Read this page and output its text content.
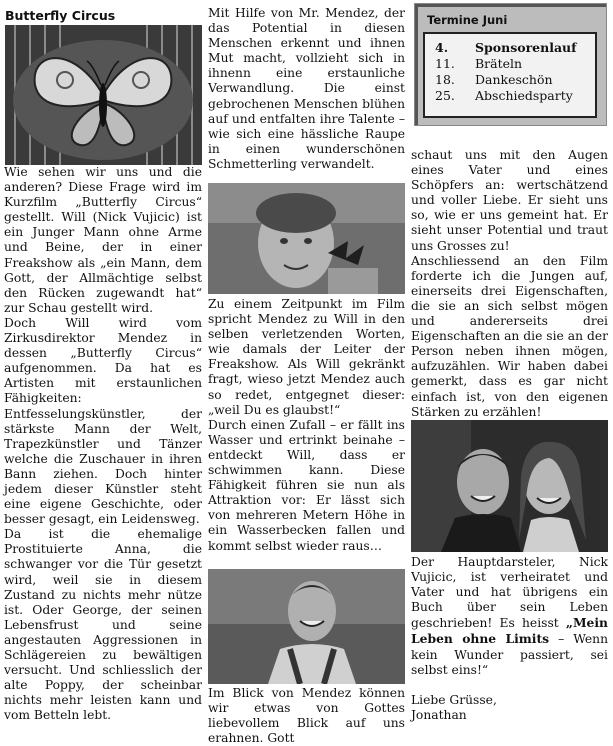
Butterfly Circus

Wie sehen wir uns und die anderen? Diese Frage wird im Kurzfilm „Butterfly Circus“ gestellt. Will (Nick Vujicic) ist ein Junger Mann ohne Arme und Beine, der in einer Freakshow als „ein Mann, dem Gott, der Allmächtige selbst den Rücken zugewandt hat“ zur Schau gestellt wird.

Doch Will wird vom Zirkusdirektor Mendez in dessen „Butterfly Circus“ aufgenommen. Da hat es Artisten mit erstaunlichen Fähigkeiten: Entfesselungskünstler, der stärkste Mann der Welt, Trapezkünstler und Tänzer welche die Zuschauer in ihren Bann ziehen. Doch hinter jedem dieser Künstler steht eine eigene Geschichte, oder besser gesagt, ein Leidensweg.

Da ist die ehemalige Prostituierte Anna, die schwanger vor die Tür gesetzt wird, weil sie in diesem Zustand zu nichts mehr nütze ist. Oder George, der seinen Lebensfrust und seine angestauten Aggressionen in Schlägereien zu bewältigen versucht. Und schliesslich der alte Poppy, der scheinbar nichts mehr leisten kann und vom Betteln lebt.

Mit Hilfe von Mr. Mendez, der das Potential in diesen Menschen erkennt und ihnen Mut macht, vollzieht sich in ihnenn eine erstaunliche Verwandlung. Die einst gebrochenen Menschen blühen auf und entfalten ihre Talente – wie sich eine hässliche Raupe in einen wunderschönen Schmetterling verwandelt.

Zu einem Zeitpunkt im Film spricht Mendez zu Will in den selben verletzenden Worten, wie damals der Leiter der Freakshow. Als Will gekränkt fragt, wieso jetzt Mendez auch so redet, entgegnet dieser: „weil Du es glaubst!“

Durch einen Zufall – er fällt ins Wasser und ertrinkt beinahe – entdeckt Will, dass er schwimmen kann. Diese Fähigkeit führen sie nun als Attraktion vor: Er lässt sich von mehreren Metern Höhe in ein Wasserbecken fallen und kommt selbst wieder raus…

Im Blick von Mendez können wir etwas von Gottes liebevollem Blick auf uns erahnen. Gott

Termine Juni
4.	Sponsorenlauf
11.	Bräteln
18.	Dankeschön
25.	Abschiedsparty

schaut uns mit den Augen eines Vater und eines Schöpfers an: wertschätzend und voller Liebe. Er sieht uns so, wie er uns gemeint hat. Er sieht unser Potential und traut uns Grosses zu!

Anschliessend an den Film forderte ich die Jungen auf, einerseits drei Eigenschaften, die sie an sich selbst mögen und andererseits drei Eigenschaften an die sie an der Person neben ihnen mögen, aufzuzählen. Wir haben dabei gemerkt, dass es gar nicht einfach ist, von den eigenen Stärken zu erzählen!

Der Hauptdarsteler, Nick Vujicic, ist verheiratet und Vater und hat übrigens ein Buch über sein Leben geschrieben! Es heisst „Mein Leben ohne Limits – Wenn kein Wunder passiert, sei selbst eins!“

Liebe Grüsse,

Jonathan
